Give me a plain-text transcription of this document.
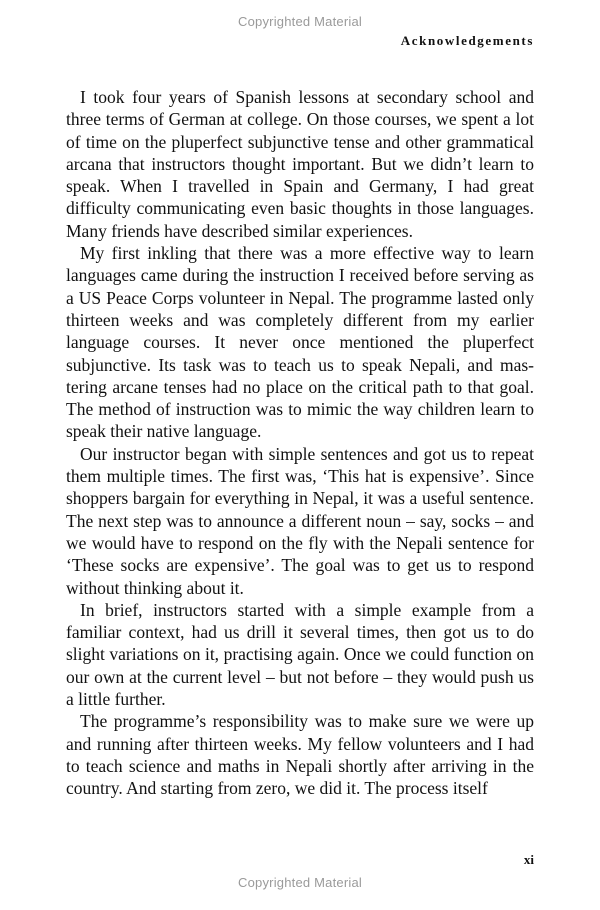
Copyrighted Material
Acknowledgements

I took four years of Spanish lessons at secondary school and three terms of German at college. On those courses, we spent a lot of time on the pluperfect subjunctive tense and other grammatical arcana that instructors thought important. But we didn’t learn to speak. When I travelled in Spain and Germany, I had great difficulty communicating even basic thoughts in those languages. Many friends have described similar experiences.

My first inkling that there was a more effective way to learn languages came during the instruction I received before serving as a US Peace Corps volunteer in Nepal. The programme lasted only thirteen weeks and was completely different from my earlier language courses. It never once mentioned the pluperfect subjunctive. Its task was to teach us to speak Nepali, and mastering arcane tenses had no place on the critical path to that goal. The method of instruction was to mimic the way children learn to speak their native language.

Our instructor began with simple sentences and got us to repeat them multiple times. The first was, ‘This hat is expensive’. Since shoppers bargain for everything in Nepal, it was a useful sentence. The next step was to announce a different noun – say, socks – and we would have to respond on the fly with the Nepali sentence for ‘These socks are expensive’. The goal was to get us to respond without thinking about it.

In brief, instructors started with a simple example from a familiar context, had us drill it several times, then got us to do slight variations on it, practising again. Once we could function on our own at the current level – but not before – they would push us a little further.

The programme’s responsibility was to make sure we were up and running after thirteen weeks. My fellow volunteers and I had to teach science and maths in Nepali shortly after arriving in the country. And starting from zero, we did it. The process itself

xi
Copyrighted Material
